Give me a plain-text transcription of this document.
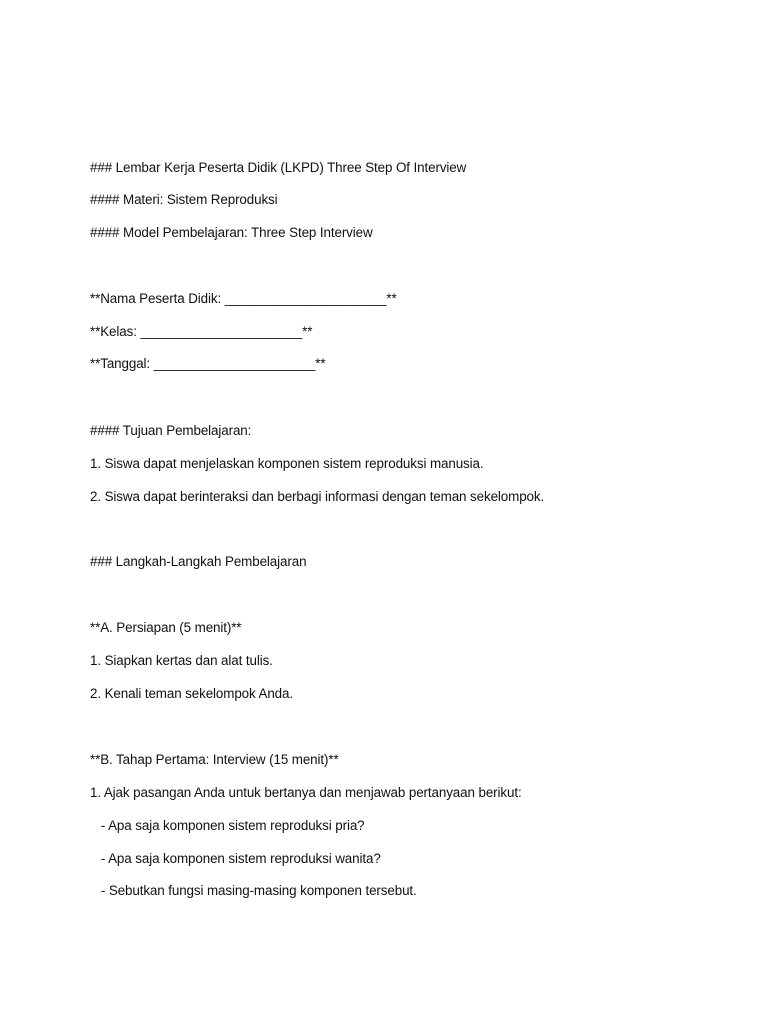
### Lembar Kerja Peserta Didik (LKPD) Three Step Of Interview
#### Materi: Sistem Reproduksi
#### Model Pembelajaran: Three Step Interview
**Nama Peserta Didik: ______________________**
**Kelas: ______________________**
**Tanggal: ______________________**
#### Tujuan Pembelajaran:
1. Siswa dapat menjelaskan komponen sistem reproduksi manusia.
2. Siswa dapat berinteraksi dan berbagi informasi dengan teman sekelompok.
### Langkah-Langkah Pembelajaran
**A. Persiapan (5 menit)**
1. Siapkan kertas dan alat tulis.
2. Kenali teman sekelompok Anda.
**B. Tahap Pertama: Interview (15 menit)**
1. Ajak pasangan Anda untuk bertanya dan menjawab pertanyaan berikut:
- Apa saja komponen sistem reproduksi pria?
- Apa saja komponen sistem reproduksi wanita?
- Sebutkan fungsi masing-masing komponen tersebut.
